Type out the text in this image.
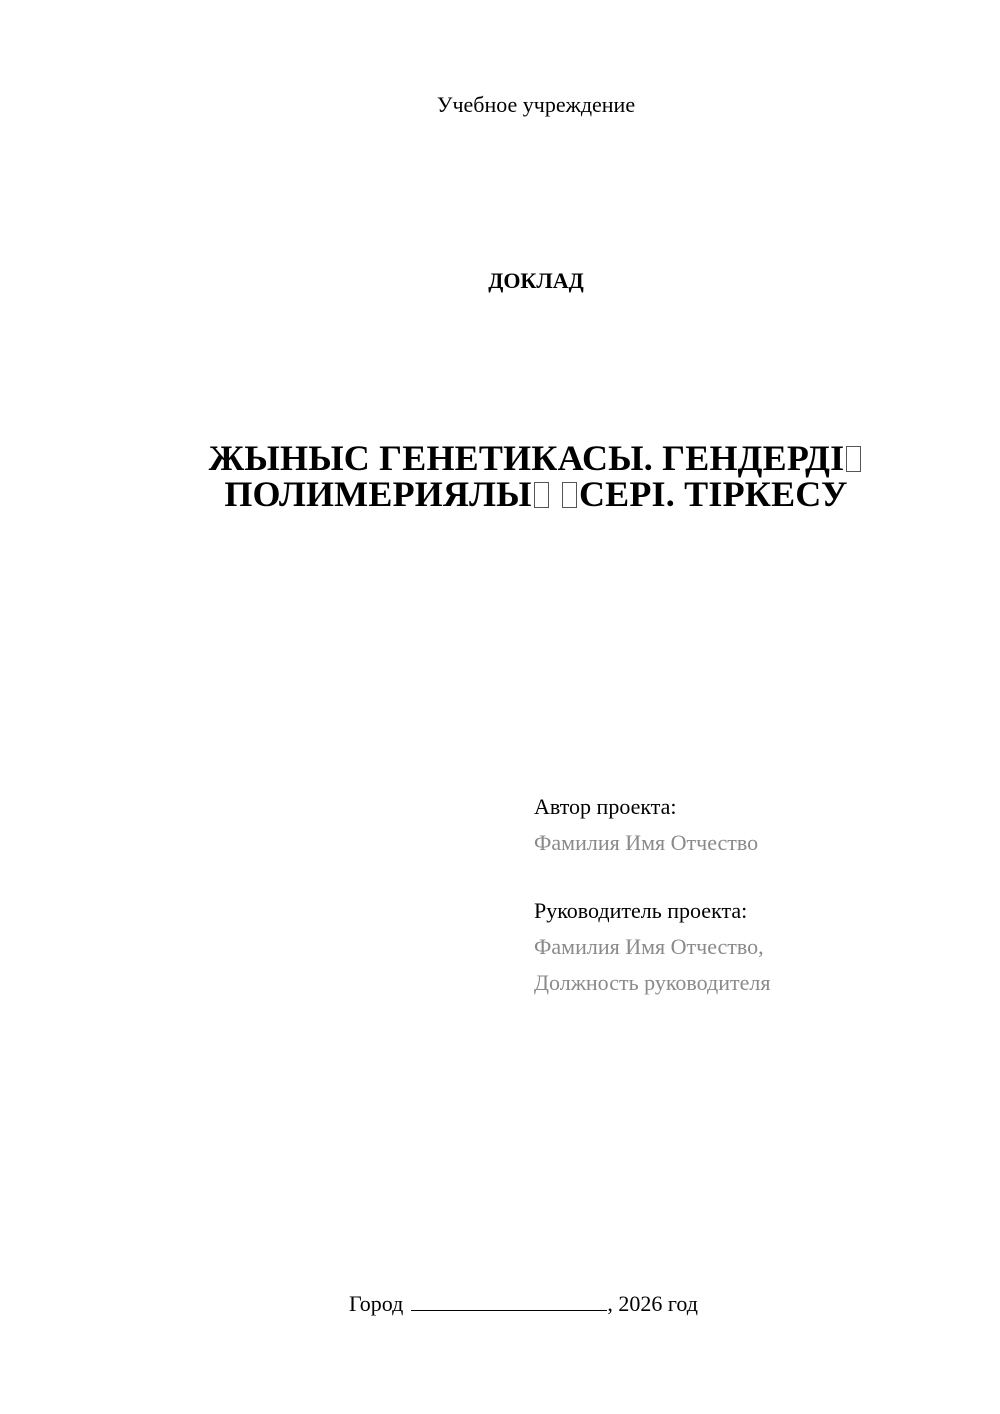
Учебное учреждение
ДОКЛАД
ЖЫНЫС ГЕНЕТИКАСЫ. ГЕНДЕРДІ
ПОЛИМЕРИЯЛЫ СЕРІ. ТІРКЕСУ
Автор проекта:
Фамилия Имя Отчество
Руководитель проекта:
Фамилия Имя Отчество,
Должность руководителя
Город	, 2026 год
